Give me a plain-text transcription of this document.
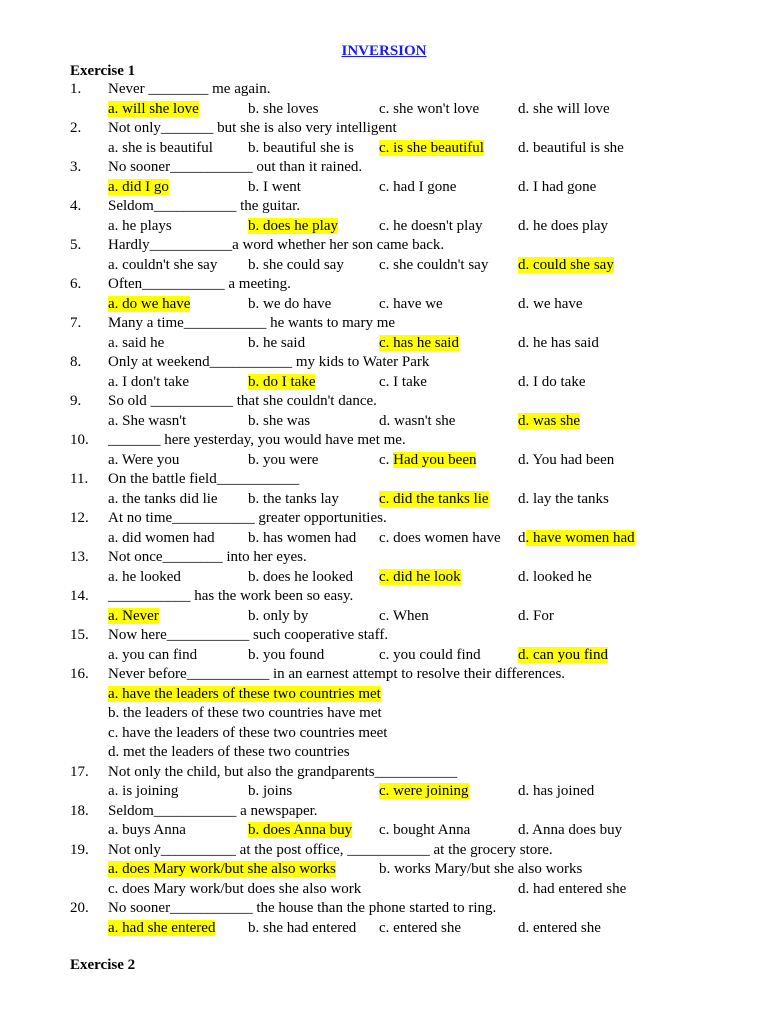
INVERSION
Exercise 1
1. Never ________ me again.
a. will she love	b. she loves	c. she won't love	d. she will love
2. Not only_______ but she is also very intelligent
a. she is beautiful b. beautiful she is c. is she beautiful d. beautiful is she
3. No sooner___________ out than it rained.
a. did I go	b. I went	c. had I gone	d. I had gone
4. Seldom___________ the guitar.
a. he plays	b. does he play	c. he doesn't play d. he does play
5. Hardly___________a word whether her son came back.
a. couldn't she say b. she could say c. she couldn't say d. could she say
6. Often___________ a meeting.
a. do we have	b. we do have	c. have we	d. we have
7. Many a time___________ he wants to mary me
a. said he	b. he said	c. has he said	d. he has said
8. Only at weekend___________ my kids to Water Park
a. I don't take	b. do I take	c. I take	d. I do take
9. So old ___________ that she couldn't dance.
a. She wasn't	b. she was	d. wasn't she	d. was she
10. _______ here yesterday, you would have met me.
a. Were you	b. you were	c. Had you been	d. You had been
11. On the battle field___________
a. the tanks did lie b. the tanks lay	c. did the tanks lie d. lay the tanks
12. At no time___________ greater opportunities.
a. did women had b. has women had c. does women have d. have women had
13. Not once________ into her eyes.
a. he looked	b. does he looked c. did he look	d. looked he
14. ___________ has the work been so easy.
a. Never	b. only by	c. When	d. For
15. Now here___________ such cooperative staff.
a. you can find	b. you found	c. you could find d. can you find
16. Never before___________ in an earnest attempt to resolve their differences.
a. have the leaders of these two countries met
b. the leaders of these two countries have met
c. have the leaders of these two countries meet
d. met the leaders of these two countries
17. Not only the child, but also the grandparents___________
a. is joining	b. joins	c. were joining	d. has joined
18. Seldom___________ a newspaper.
a. buys Anna	b. does Anna buy c. bought Anna	d. Anna does buy
19. Not only__________ at the post office, ___________ at the grocery store.
a. does Mary work/but she also works	b. works Mary/but she also works
c. does Mary work/but does she also work	d. had entered she
20. No sooner___________ the house than the phone started to ring.
a. had she entered b. she had entered c. entered she	d. entered she
Exercise 2
